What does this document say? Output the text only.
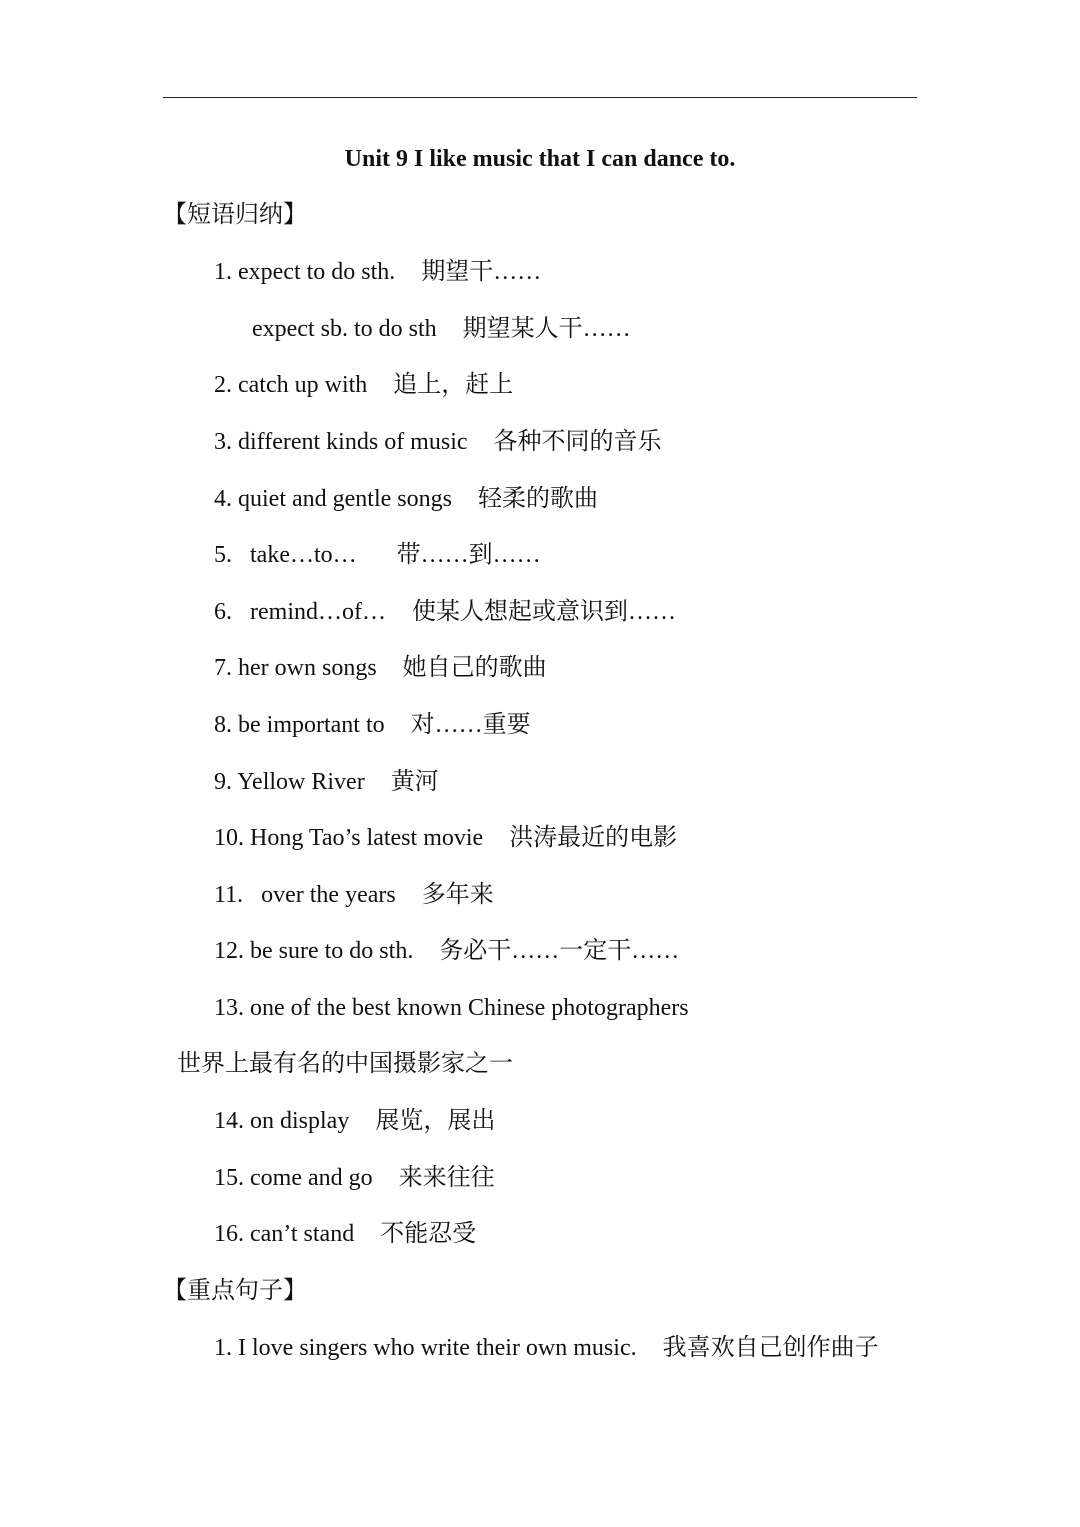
Unit 9 I like music that I can dance to.
【短语归纳】
1. expect to do sth. 期望干……
expect sb. to do sth 期望某人干……
2. catch up with 追上，赶上
3. different kinds of music 各种不同的音乐
4. quiet and gentle songs 轻柔的歌曲
5.   take…to… 带……到……
6.   remind…of… 使某人想起或意识到……
7. her own songs 她自己的歌曲
8. be important to 对……重要
9. Yellow River 黄河
10. Hong Tao’s latest movie 洪涛最近的电影
11.   over the years 多年来
12. be sure to do sth. 务必干……一定干……
13. one of the best known Chinese photographers
世界上最有名的中国摄影家之一
14. on display 展览，展出
15. come and go 来来往往
16. can’t stand 不能忍受
【重点句子】
1. I love singers who write their own music. 我喜欢自己创作曲子
